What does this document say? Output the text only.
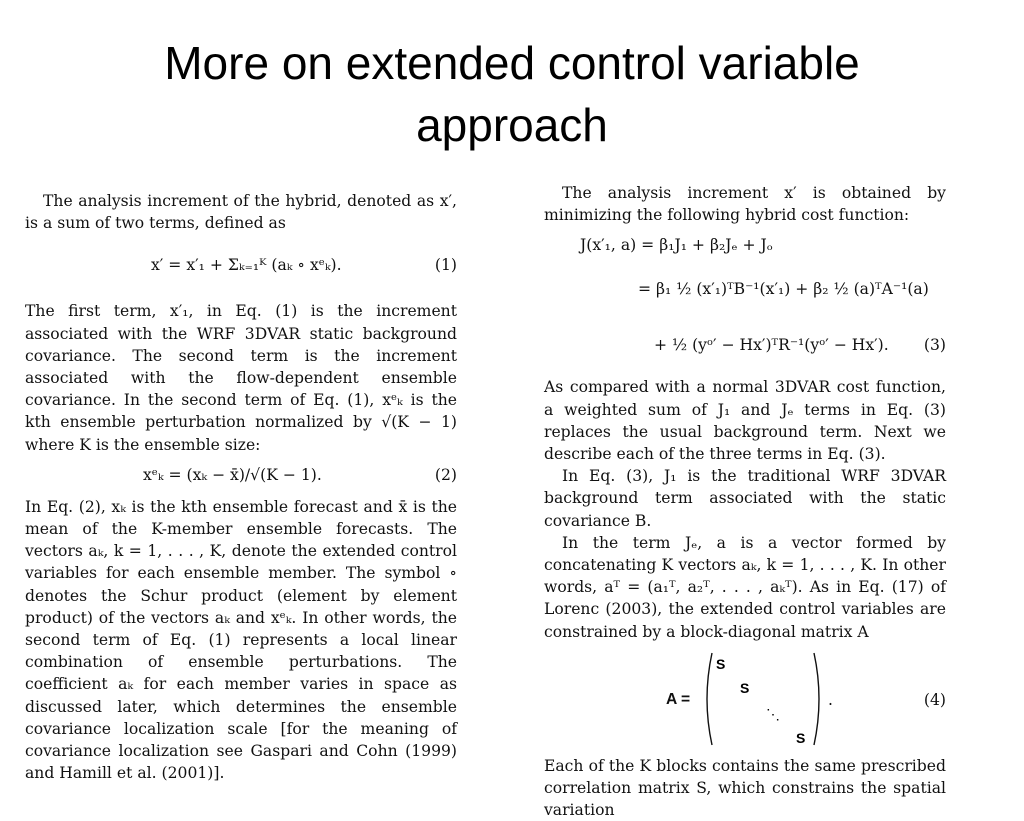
More on extended control variable
approach

The analysis increment of the hybrid, denoted as x′, is a sum of two terms, defined as

x′ = x′₁ + Σₖ₌₁ᴷ (aₖ ∘ xᵉₖ).	(1)

The first term, x′₁, in Eq. (1) is the increment associated with the WRF 3DVAR static background covariance. The second term is the increment associated with the flow-dependent ensemble covariance. In the second term of Eq. (1), xᵉₖ is the kth ensemble perturbation normalized by √(K − 1) where K is the ensemble size:

xᵉₖ = (xₖ − x̄)/√(K − 1).	(2)

In Eq. (2), xₖ is the kth ensemble forecast and x̄ is the mean of the K-member ensemble forecasts. The vectors aₖ, k = 1, . . . , K, denote the extended control variables for each ensemble member. The symbol ∘ denotes the Schur product (element by element product) of the vectors aₖ and xᵉₖ. In other words, the second term of Eq. (1) represents a local linear combination of ensemble perturbations. The coefficient aₖ for each member varies in space as discussed later, which determines the ensemble covariance localization scale [for the meaning of covariance localization see Gaspari and Cohn (1999) and Hamill et al. (2001)].

The analysis increment x′ is obtained by minimizing the following hybrid cost function:

J(x′₁, a) = β₁J₁ + β₂Jₑ + Jₒ
= β₁ ½ (x′₁)ᵀB⁻¹(x′₁) + β₂ ½ (a)ᵀA⁻¹(a)
+ ½ (yᵒ′ − Hx′)ᵀR⁻¹(yᵒ′ − Hx′). (3)

As compared with a normal 3DVAR cost function, a weighted sum of J₁ and Jₑ terms in Eq. (3) replaces the usual background term. Next we describe each of the three terms in Eq. (3).

In Eq. (3), J₁ is the traditional WRF 3DVAR background term associated with the static covariance B.

In the term Jₑ, a is a vector formed by concatenating K vectors aₖ, k = 1, . . . , K. In other words, aᵀ = (a₁ᵀ, a₂ᵀ, . . . , aₖᵀ). As in Eq. (17) of Lorenc (2003), the extended control variables are constrained by a block-diagonal matrix A

A =
S
S
⋱
S
.	(4)

Each of the K blocks contains the same prescribed correlation matrix S, which constrains the spatial variation
